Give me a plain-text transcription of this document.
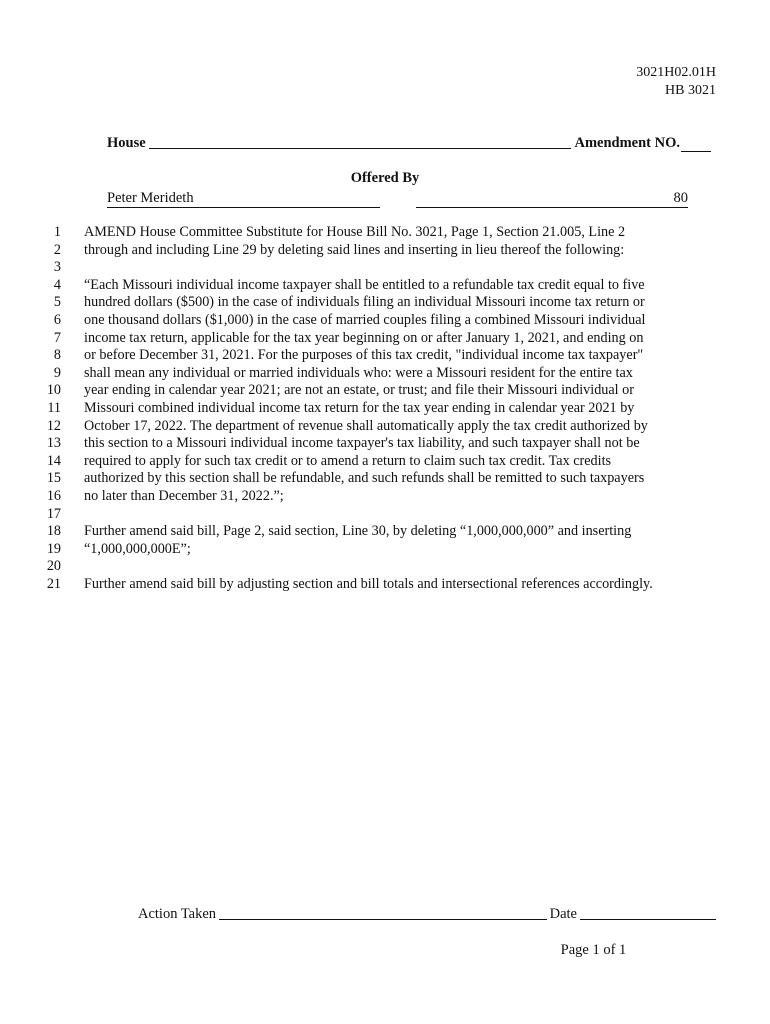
3021H02.01H
HB 3021
House	Amendment NO.
Offered By
Peter Merideth	80
1	AMEND House Committee Substitute for House Bill No. 3021, Page 1, Section 21.005, Line 2
2	through and including Line 29 by deleting said lines and inserting in lieu thereof the following:
3
4	“Each Missouri individual income taxpayer shall be entitled to a refundable tax credit equal to five
5	hundred dollars ($500) in the case of individuals filing an individual Missouri income tax return or
6	one thousand dollars ($1,000) in the case of married couples filing a combined Missouri individual
7	income tax return, applicable for the tax year beginning on or after January 1, 2021, and ending on
8	or before December 31, 2021. For the purposes of this tax credit, "individual income tax taxpayer"
9	shall mean any individual or married individuals who: were a Missouri resident for the entire tax
10	year ending in calendar year 2021; are not an estate, or trust; and file their Missouri individual or
11	Missouri combined individual income tax return for the tax year ending in calendar year 2021 by
12	October 17, 2022. The department of revenue shall automatically apply the tax credit authorized by
13	this section to a Missouri individual income taxpayer's tax liability, and such taxpayer shall not be
14	required to apply for such tax credit or to amend a return to claim such tax credit. Tax credits
15	authorized by this section shall be refundable, and such refunds shall be remitted to such taxpayers
16	no later than December 31, 2022.”;
17
18	Further amend said bill, Page 2, said section, Line 30, by deleting “1,000,000,000” and inserting
19	“1,000,000,000E”;
20
21	Further amend said bill by adjusting section and bill totals and intersectional references accordingly.
Action Taken	Date
Page 1 of 1
